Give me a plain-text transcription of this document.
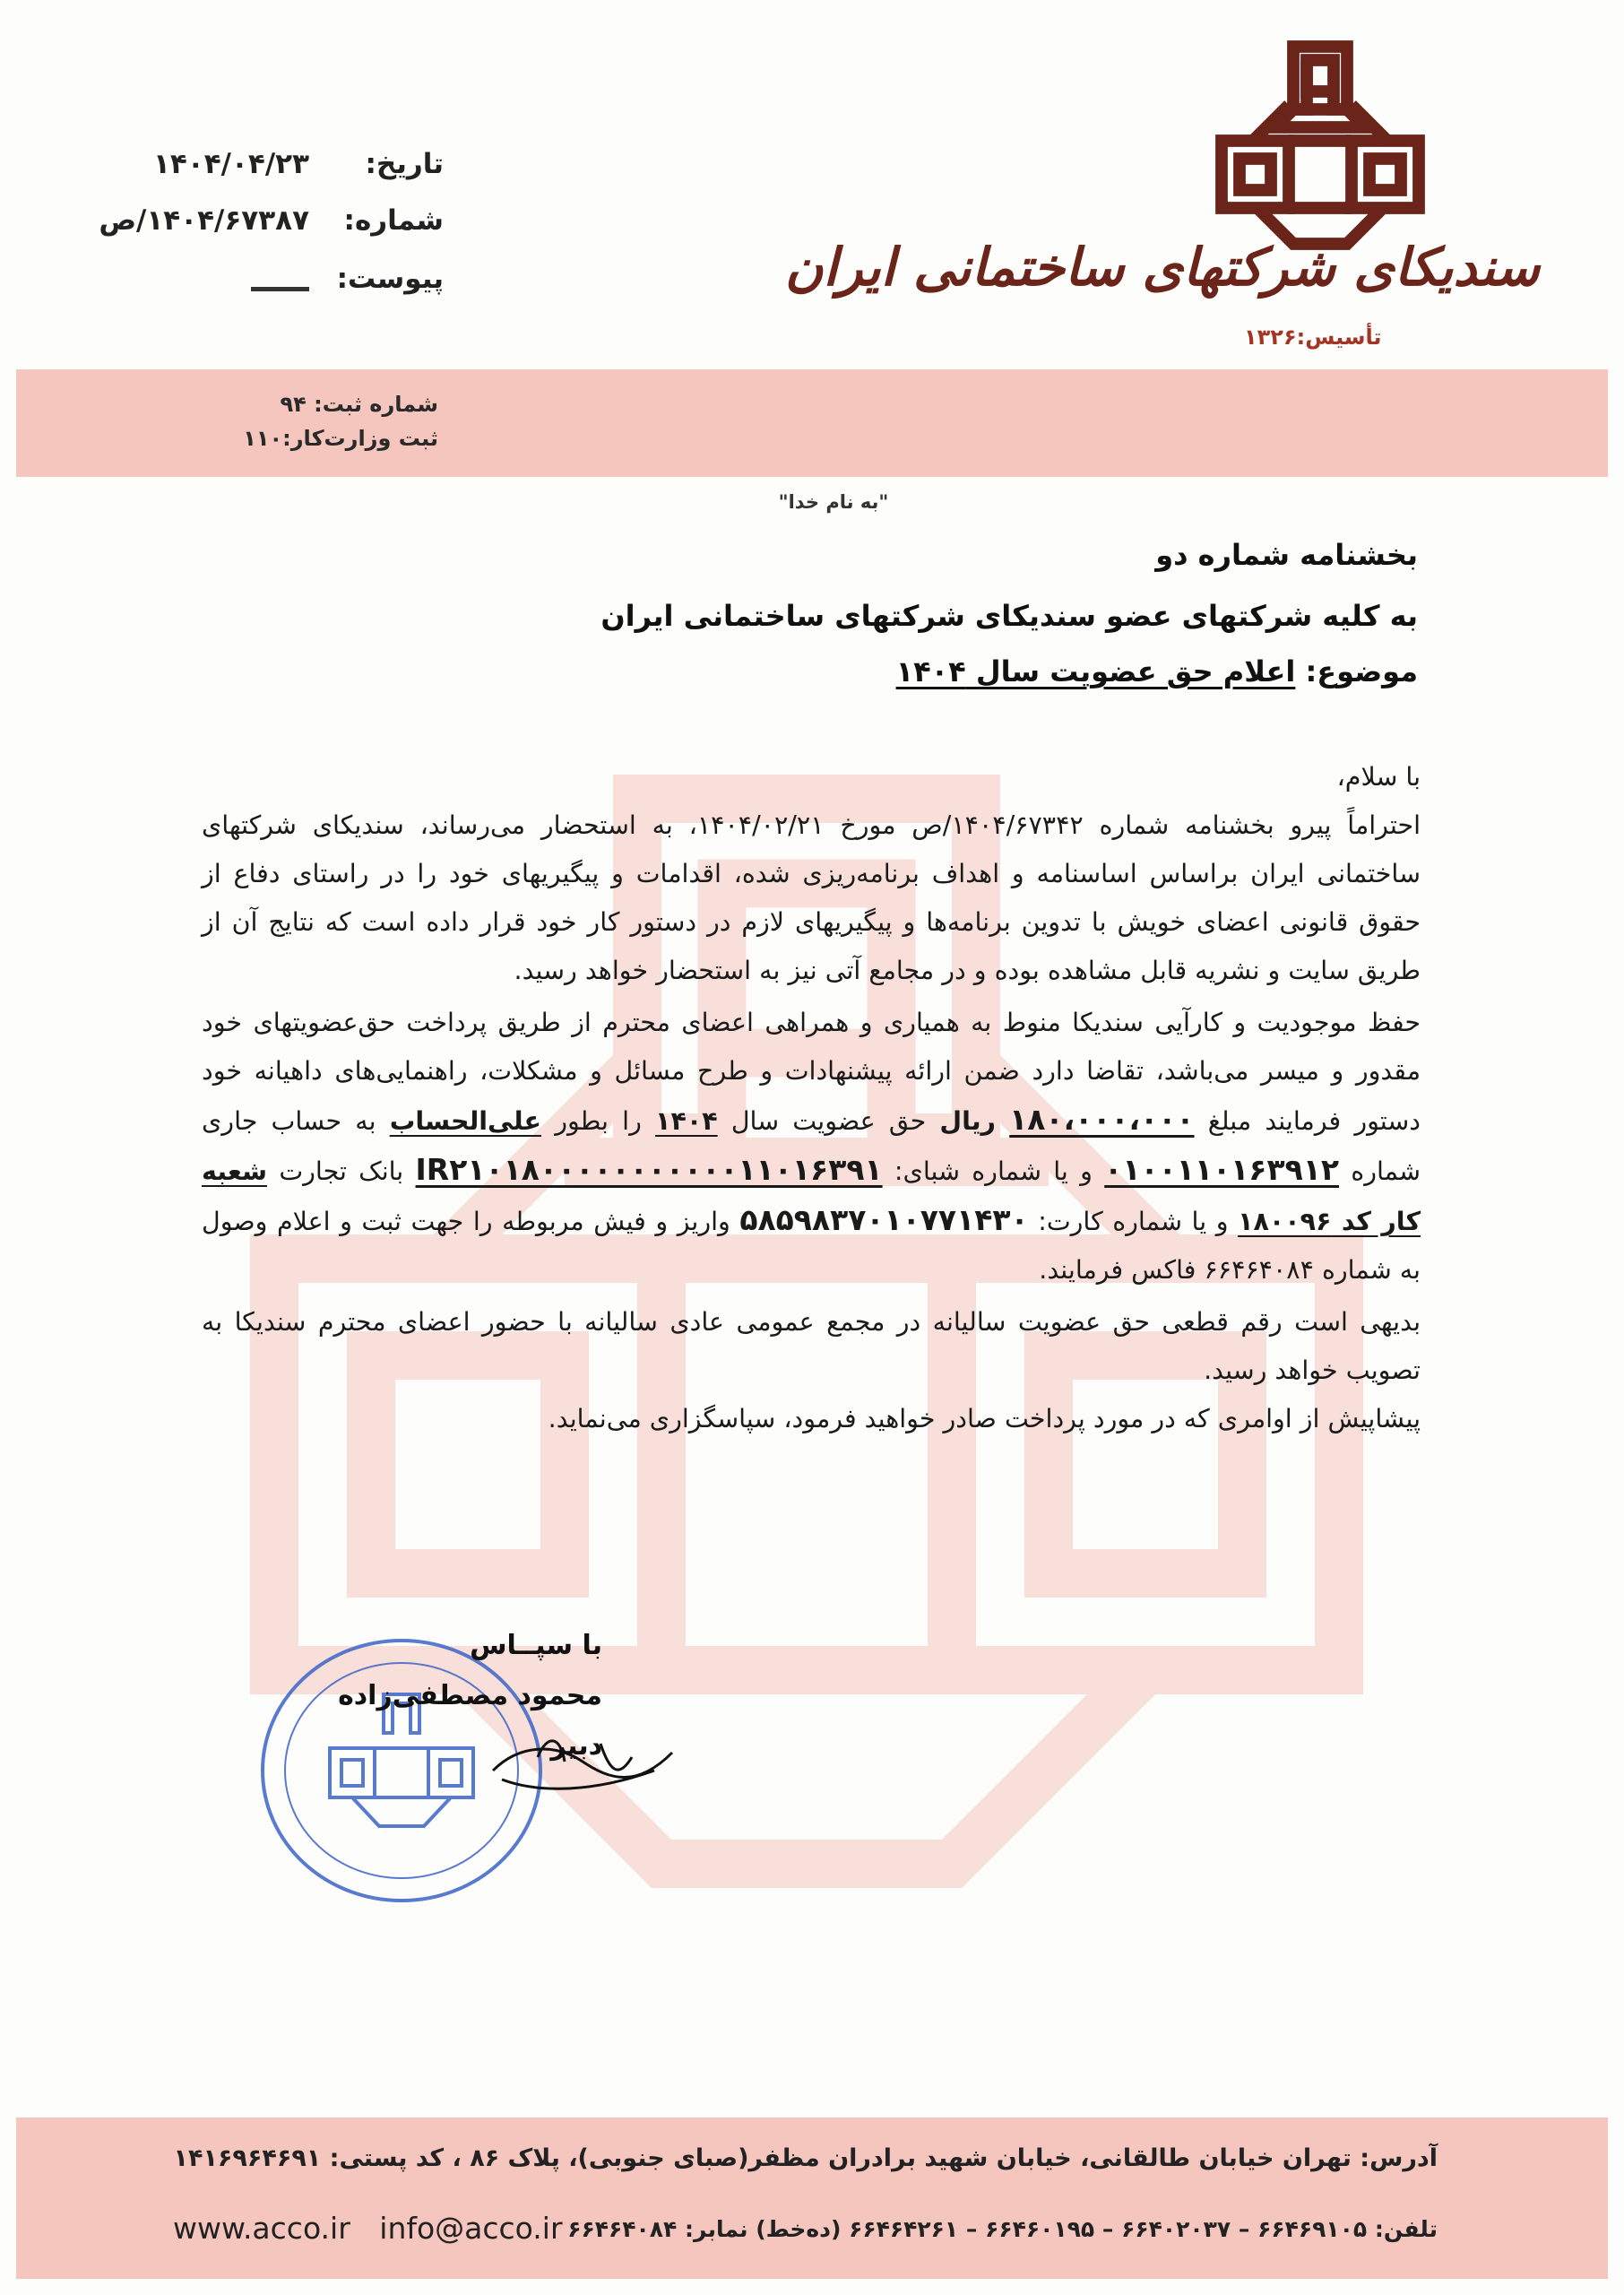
سندیکای شرکتهای ساختمانی ایران
تأسیس:۱۳۲۶
تاریخ:
۱۴۰۴/۰۴/۲۳
شماره:
۱۴۰۴/۶۷۳۸۷/ص
پیوست:
شماره ثبت: ۹۴
ثبت وزارت‌کار:۱۱۰
"به نام خدا"
بخشنامه شماره دو
به کلیه شرکتهای عضو سندیکای شرکتهای ساختمانی ایران
موضوع: اعلام حق عضویت سال ۱۴۰۴

با سلام،

احتراماً پیرو بخشنامه شماره ۱۴۰۴/۶۷۳۴۲/ص مورخ ۱۴۰۴/۰۲/۲۱، به استحضار می‌رساند، سندیکای شرکتهای ساختمانی ایران براساس اساسنامه و اهداف برنامه‌ریزی شده، اقدامات و پیگیریهای خود را در راستای دفاع از حقوق قانونی اعضای خویش با تدوین برنامه‌ها و پیگیریهای لازم در دستور کار خود قرار داده است که نتایج آن از طریق سایت و نشریه قابل مشاهده بوده و در مجامع آتی نیز به استحضار خواهد رسید.

حفظ موجودیت و کارآیی سندیکا منوط به همیاری و همراهی اعضای محترم از طریق پرداخت حق‌عضویتهای خود مقدور و میسر می‌باشد، تقاضا دارد ضمن ارائه پیشنهادات و طرح مسائل و مشکلات، راهنمایی‌های داهیانه خود دستور فرمایند مبلغ ۱۸۰،۰۰۰،۰۰۰ ریال حق عضویت سال ۱۴۰۴ را بطور علی‌الحساب به حساب جاری شماره ۰۱۰۰۱۱۰۱۶۳۹۱۲ و یا شماره شبای: IR۲۱۰۱۸۰۰۰۰۰۰۰۰۰۰۰۱۱۰۱۶۳۹۱ بانک تجارت شعبه کار کد ۱۸۰۰۹۶ و یا شماره کارت: ۵۸۵۹۸۳۷۰۱۰۷۷۱۴۳۰ واریز و فیش مربوطه را جهت ثبت و اعلام وصول به شماره ۶۶۴۶۴۰۸۴ فاکس فرمایند.

بدیهی است رقم قطعی حق عضویت سالیانه در مجمع عمومی عادی سالیانه با حضور اعضای محترم سندیکا به تصویب خواهد رسید.

پیشاپیش از اوامری که در مورد پرداخت صادر خواهید فرمود، سپاسگزاری می‌نماید.

با سپــاس
محمود مصطفی‌زاده
دبیر
آدرس: تهران خیابان طالقانی، خیابان شهید برادران مظفر(صبای جنوبی)، پلاک ۸۶ ، کد پستی: ۱۴۱۶۹۶۴۶۹۱
تلفن: ۶۶۴۶۹۱۰۵ – ۶۶۴۰۲۰۳۷ – ۶۶۴۶۰۱۹۵ – ۶۶۴۶۴۲۶۱ (ده‌خط) نمابر: ۶۶۴۶۴۰۸۴
www.acco.ir info@acco.ir
